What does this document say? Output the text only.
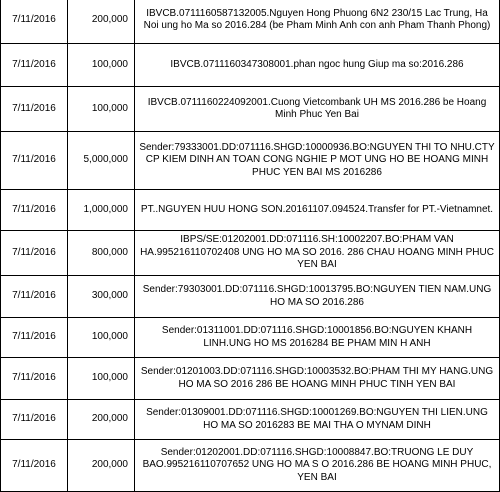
7/11/2016	200,000	IBVCB.0711160587132005.Nguyen Hong Phuong 6N2 230/15 Lac Trung, Ha Noi ung ho Ma so 2016.284 (be Pham Minh Anh con anh Pham Thanh Phong)
7/11/2016	100,000	IBVCB.0711160347308001.phan ngoc hung Giup ma so:2016.286
7/11/2016	100,000	IBVCB.0711160224092001.Cuong Vietcombank UH MS 2016.286 be Hoang Minh Phuc Yen Bai
7/11/2016	5,000,000	Sender:79333001.DD:071116.SHGD:10000936.BO:NGUYEN THI TO NHU.CTY CP KIEM DINH AN TOAN CONG NGHIE P MOT UNG HO BE HOANG MINH PHUC YEN BAI MS 2016286
7/11/2016	1,000,000	PT..NGUYEN HUU HONG SON.20161107.094524.Transfer for PT.-Vietnamnet.
7/11/2016	800,000	IBPS/SE:01202001.DD:071116.SH:10002207.BO:PHAM VAN HA.995216110702408 UNG HO MA SO 2016. 286 CHAU HOANG MINH PHUC YEN BAI
7/11/2016	300,000	Sender:79303001.DD:071116.SHGD:10013795.BO:NGUYEN TIEN NAM.UNG HO MA SO 2016.286
7/11/2016	100,000	Sender:01311001.DD:071116.SHGD:10001856.BO:NGUYEN KHANH LINH.UNG HO MS 2016284 BE PHAM MIN H ANH
7/11/2016	100,000	Sender:01201003.DD:071116.SHGD:10003532.BO:PHAM THI MY HANG.UNG HO MA SO 2016 286 BE HOANG MINH PHUC TINH YEN BAI
7/11/2016	200,000	Sender:01309001.DD:071116.SHGD:10001269.BO:NGUYEN THI LIEN.UNG HO MA SO 2016283 BE MAI THA O MYNAM DINH
7/11/2016	200,000	Sender:01202001.DD:071116.SHGD:10008847.BO:TRUONG LE DUY BAO.995216110707652 UNG HO MA S O 2016.286 BE HOANG MINH PHUC, YEN BAI
